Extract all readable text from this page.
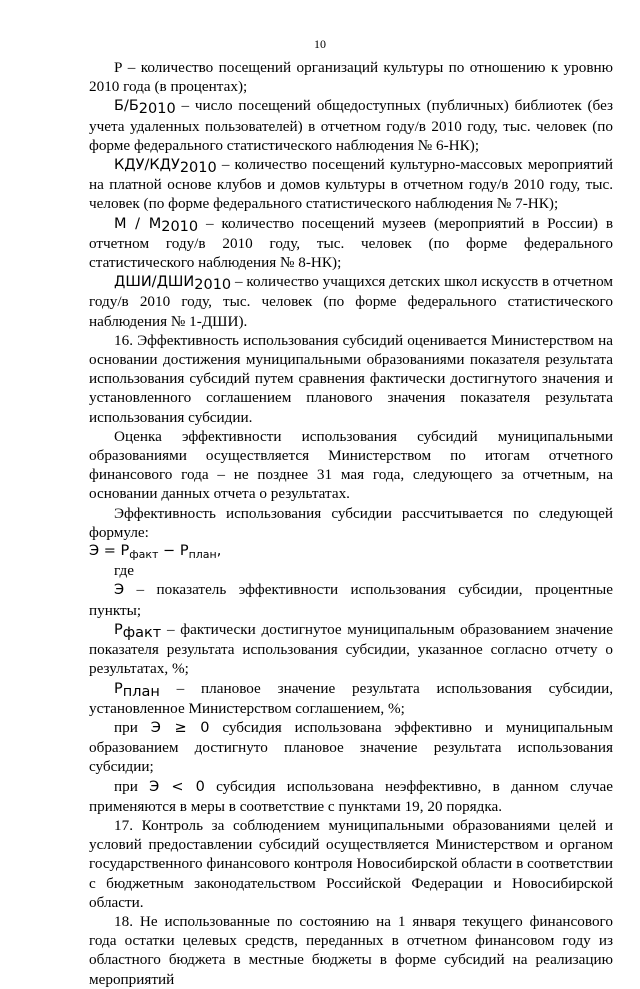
10

Р – количество посещений организаций культуры по отношению к уровню 2010 года (в процентах);

$Б/Б_{2010}$ – число посещений общедоступных (публичных) библиотек (без учета удаленных пользователей) в отчетном году/в 2010 году, тыс. человек (по форме федерального статистического наблюдения № 6-НК);

КДУ/$КДУ_{2010}$ – количество посещений культурно-массовых мероприятий на платной основе клубов и домов культуры в отчетном году/в 2010 году, тыс. человек (по форме федерального статистического наблюдения № 7-НК);

М / $М_{2010}$ – количество посещений музеев (мероприятий в России) в отчетном году/в 2010 году, тыс. человек (по форме федерального статистического наблюдения № 8-НК);

ДШИ/$ДШИ_{2010}$ – количество учащихся детских школ искусств в отчетном году/в 2010 году, тыс. человек (по форме федерального статистического наблюдения № 1-ДШИ).

16. Эффективность использования субсидий оценивается Министерством на основании достижения муниципальными образованиями показателя результата использования субсидий путем сравнения фактически достигнутого значения и установленного соглашением планового значения показателя результата использования субсидии.

Оценка эффективности использования субсидий муниципальными образованиями осуществляется Министерством по итогам отчетного финансового года – не позднее 31 мая года, следующего за отчетным, на основании данных отчета о результатах.

Эффективность использования субсидии рассчитывается по следующей формуле:

$Э = Р_{факт} - Р_{план}$,

где

Э – показатель эффективности использования субсидии, процентные пункты;

$Р_{факт}$ – фактически достигнутое муниципальным образованием значение показателя результата использования субсидии, указанное согласно отчету о результатах, %;

$Р_{план}$ – плановое значение результата использования субсидии, установленное Министерством соглашением, %;

при Э ≥ 0 субсидия использована эффективно и муниципальным образованием достигнуто плановое значение результата использования субсидии;

при Э < 0 субсидия использована неэффективно, в данном случае применяются в меры в соответствие с пунктами 19, 20 порядка.

17. Контроль за соблюдением муниципальными образованиями целей и условий предоставлении субсидий осуществляется Министерством и органом государственного финансового контроля Новосибирской области в соответствии с бюджетным законодательством Российской Федерации и Новосибирской области.

18. Не использованные по состоянию на 1 января текущего финансового года остатки целевых средств, переданных в отчетном финансовом году из областного бюджета в местные бюджеты в форме субсидий на реализацию мероприятий
